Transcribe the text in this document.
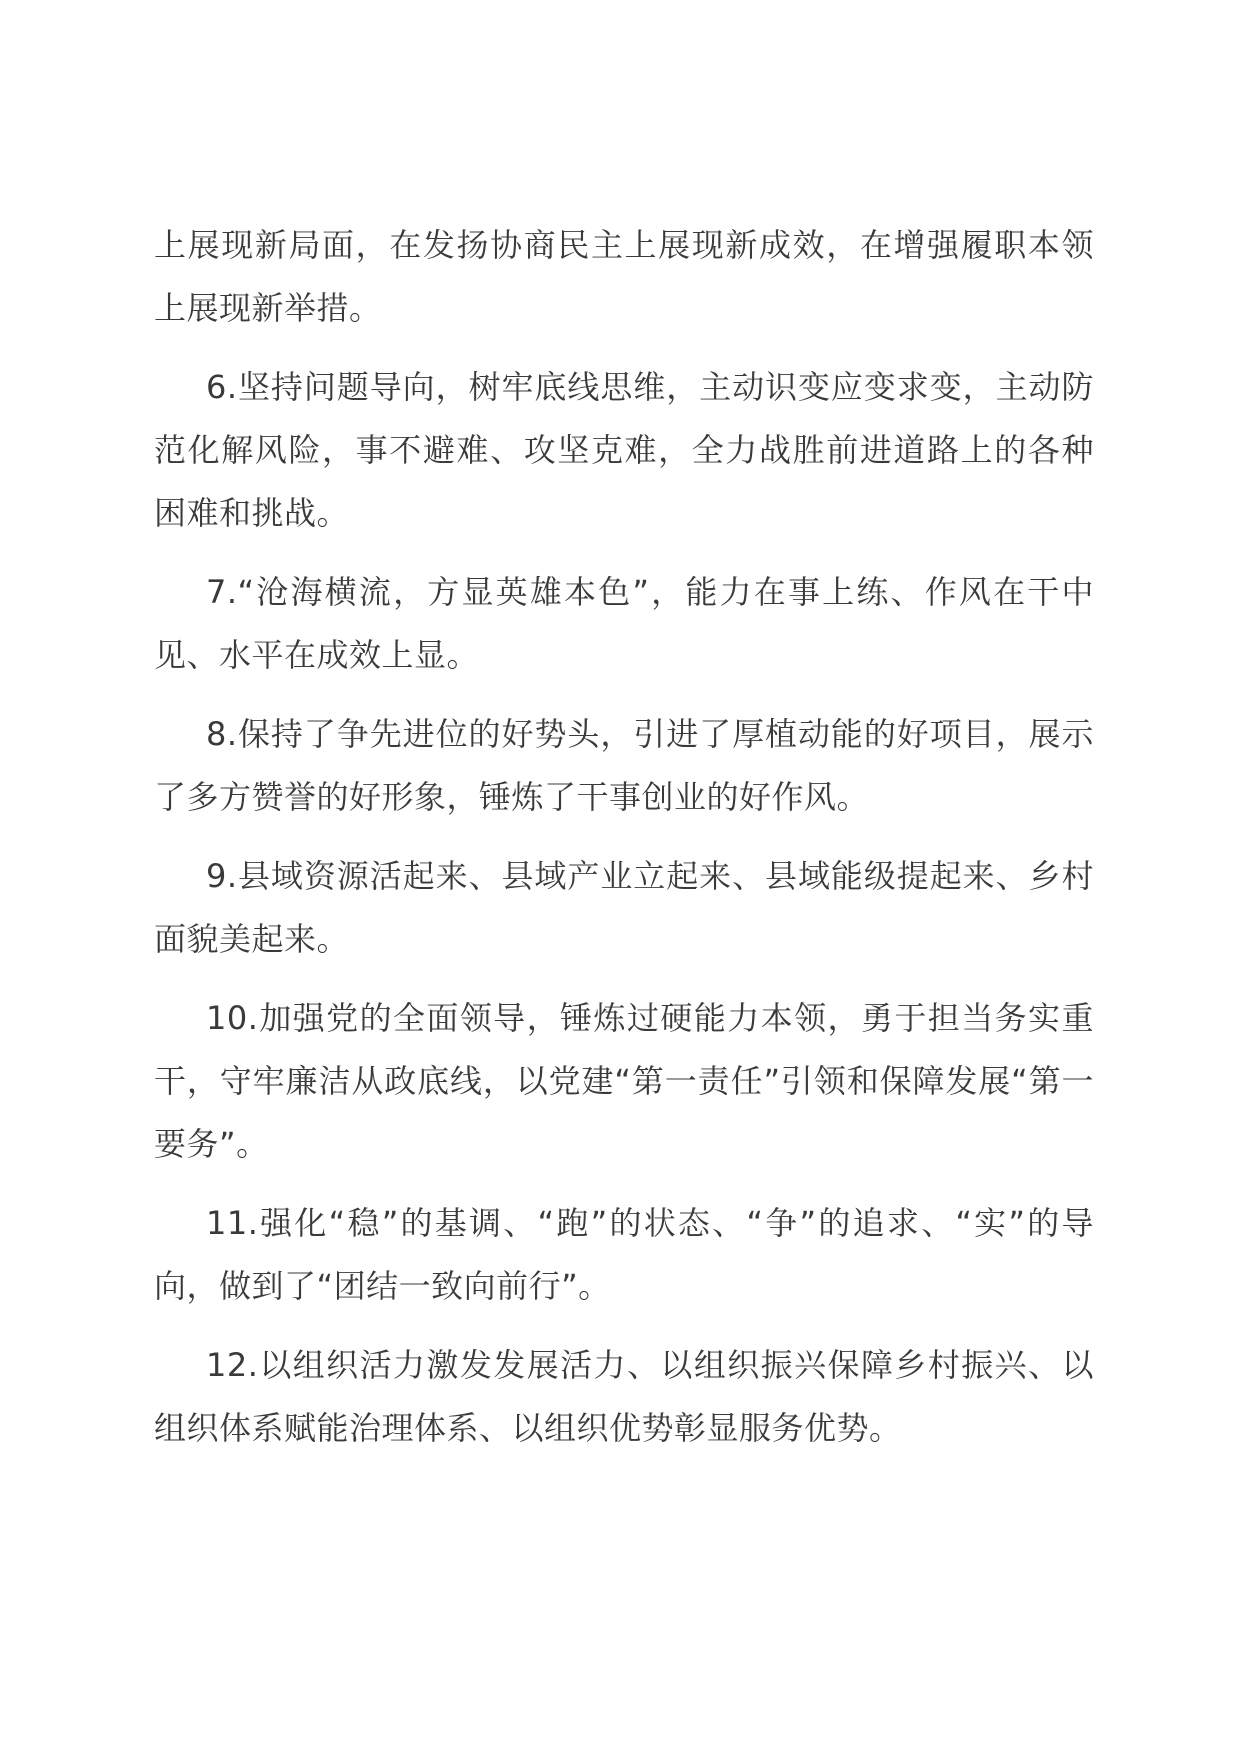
上展现新局面，在发扬协商民主上展现新成效，在增强履职本领上展现新举措。

6.坚持问题导向，树牢底线思维，主动识变应变求变，主动防范化解风险，事不避难、攻坚克难，全力战胜前进道路上的各种困难和挑战。

7.“沧海横流，方显英雄本色”，能力在事上练、作风在干中见、水平在成效上显。

8.保持了争先进位的好势头，引进了厚植动能的好项目，展示了多方赞誉的好形象，锤炼了干事创业的好作风。

9.县域资源活起来、县域产业立起来、县域能级提起来、乡村面貌美起来。

10.加强党的全面领导，锤炼过硬能力本领，勇于担当务实重干，守牢廉洁从政底线，以党建“第一责任”引领和保障发展“第一要务”。

11.强化“稳”的基调、“跑”的状态、“争”的追求、“实”的导向，做到了“团结一致向前行”。

12.以组织活力激发发展活力、以组织振兴保障乡村振兴、以组织体系赋能治理体系、以组织优势彰显服务优势。
